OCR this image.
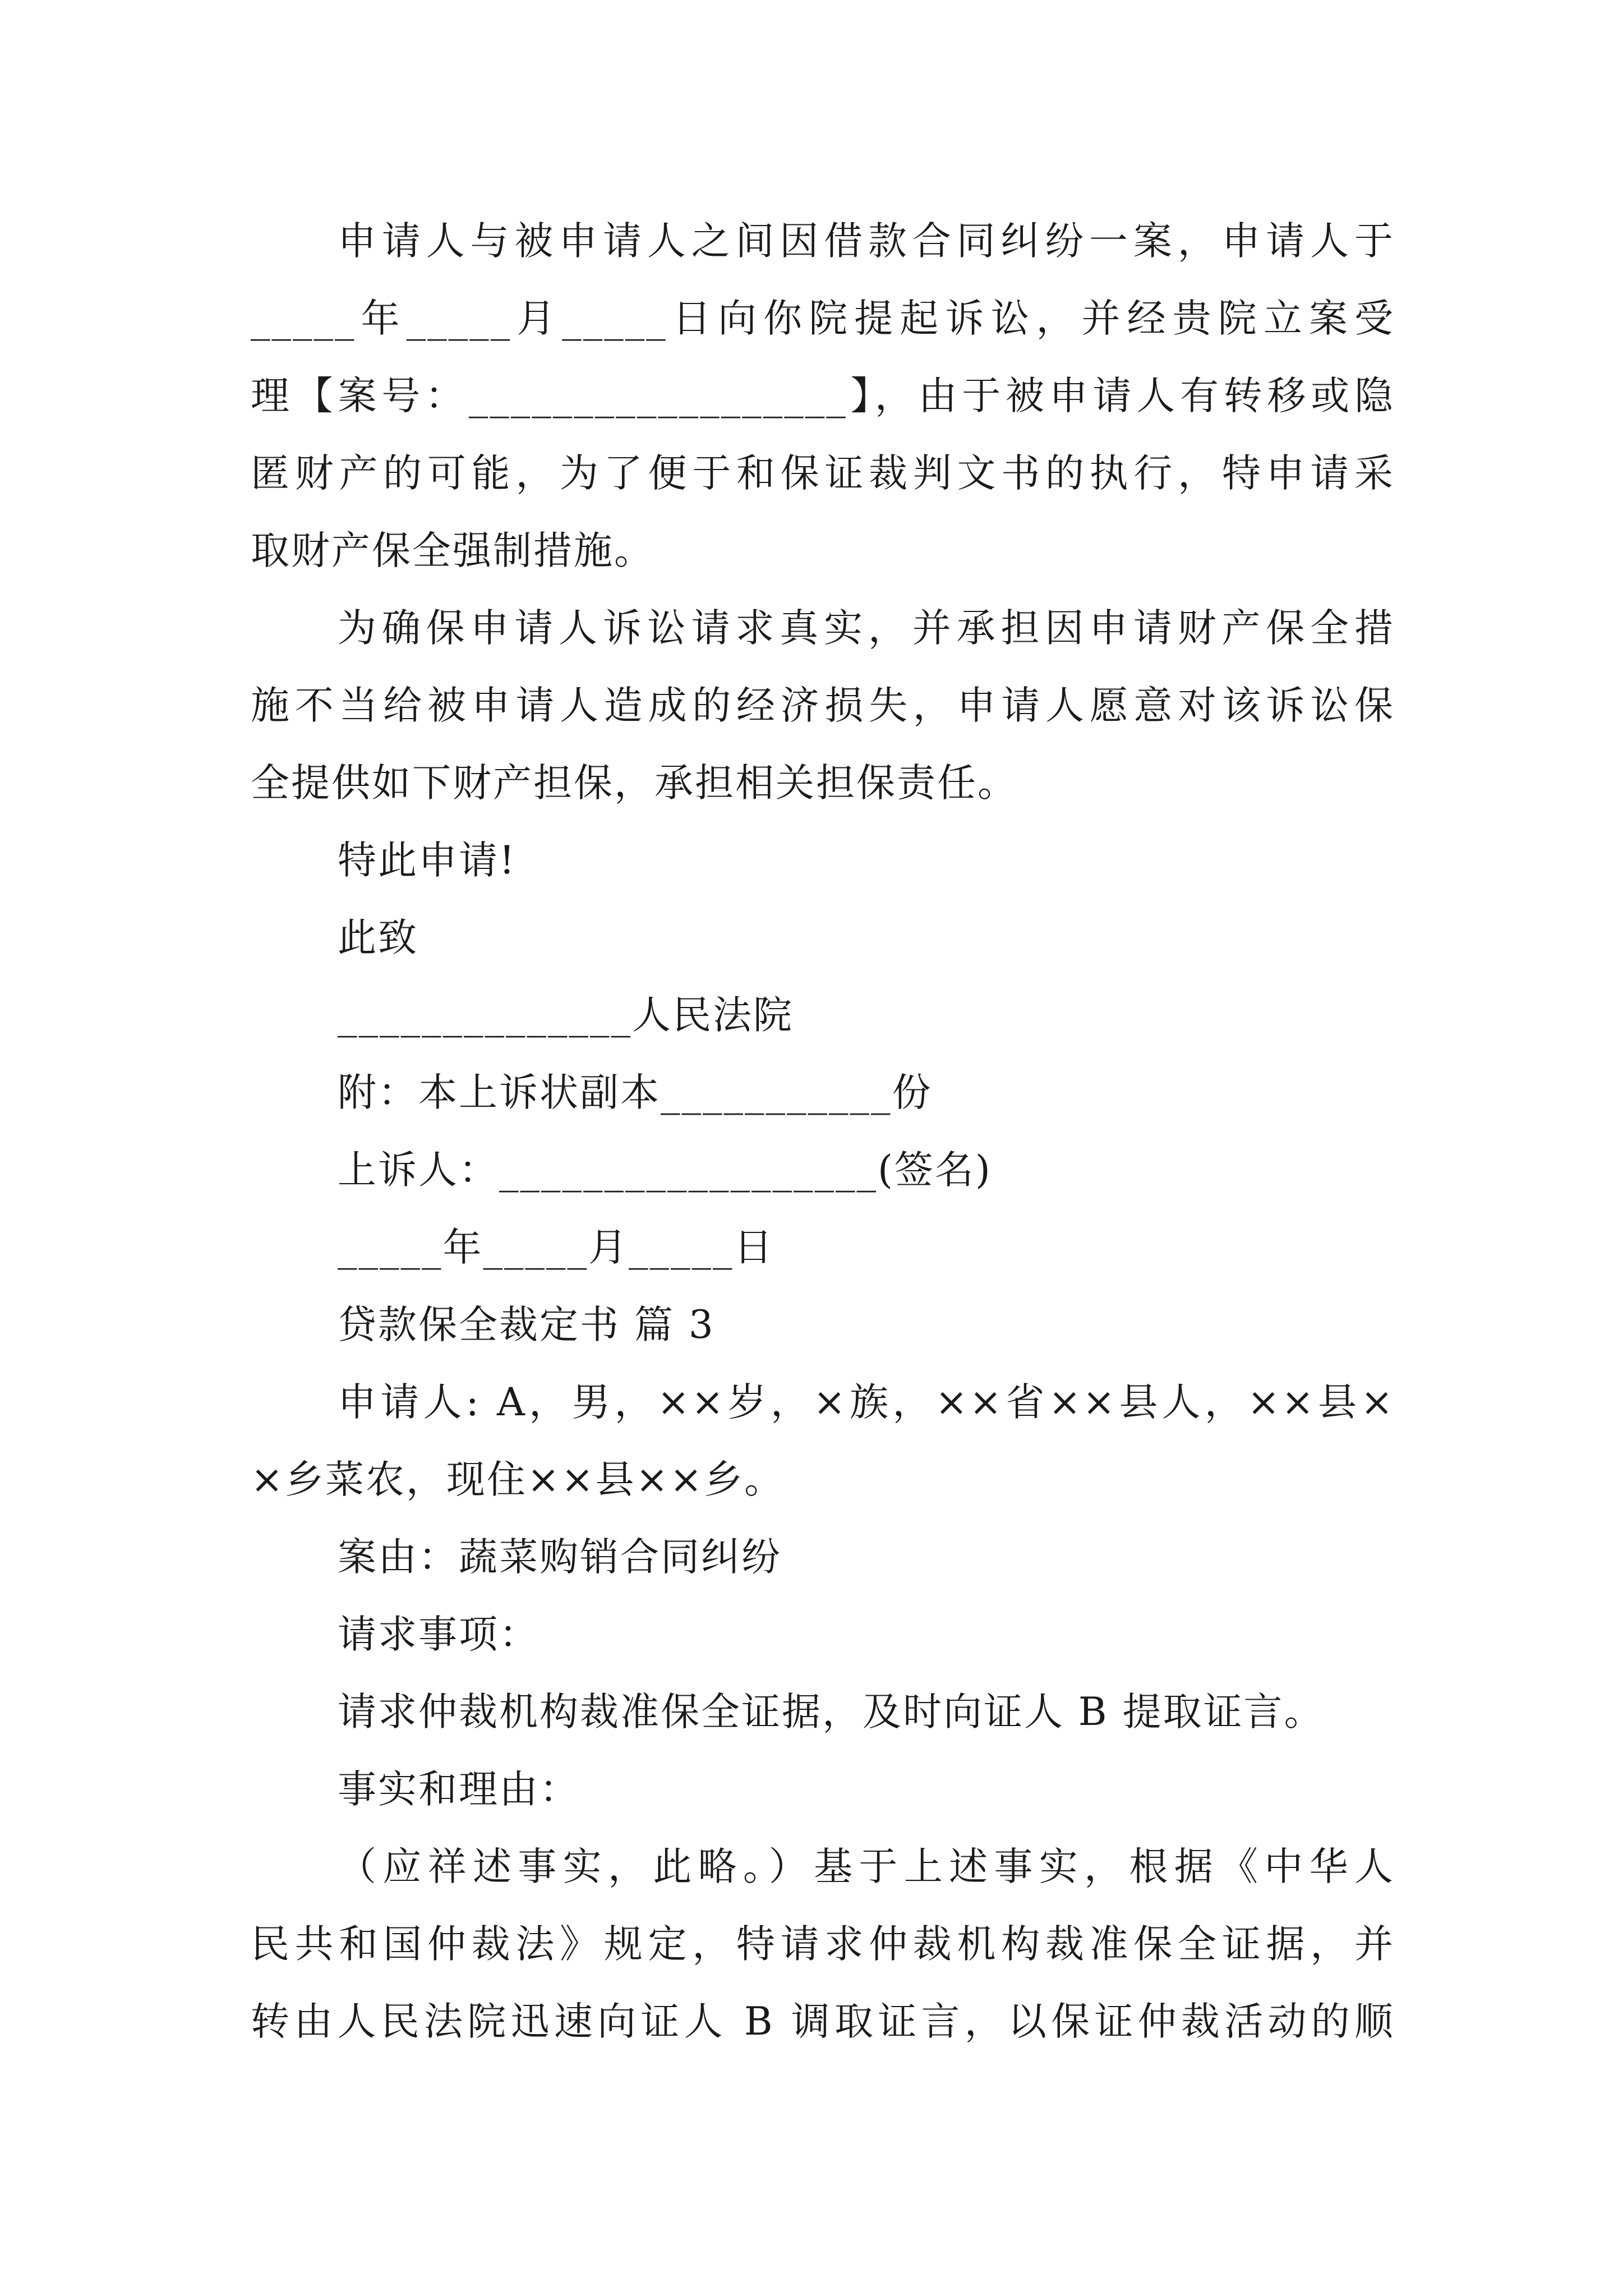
申请人与被申请人之间因借款合同纠纷一案，申请人于
_____年_____月_____日向你院提起诉讼，并经贵院立案受
理【案号：__________________】，由于被申请人有转移或隐
匿财产的可能，为了便于和保证裁判文书的执行，特申请采
取财产保全强制措施。
为确保申请人诉讼请求真实，并承担因申请财产保全措
施不当给被申请人造成的经济损失，申请人愿意对该诉讼保
全提供如下财产担保，承担相关担保责任。
特此申请!
此致
______________人民法院
附：本上诉状副本___________份
上诉人：__________________(签名)
_____年_____月_____日
贷款保全裁定书 篇 3
申请人: A，男，××岁，×族，××省××县人，××县×
×乡菜农，现住××县××乡。
案由：蔬菜购销合同纠纷
请求事项：
请求仲裁机构裁准保全证据，及时向证人 B 提取证言。
事实和理由：
（应祥述事实，此略。）基于上述事实，根据《中华人
民共和国仲裁法》规定，特请求仲裁机构裁准保全证据，并
转由人民法院迅速向证人 B 调取证言，以保证仲裁活动的顺
